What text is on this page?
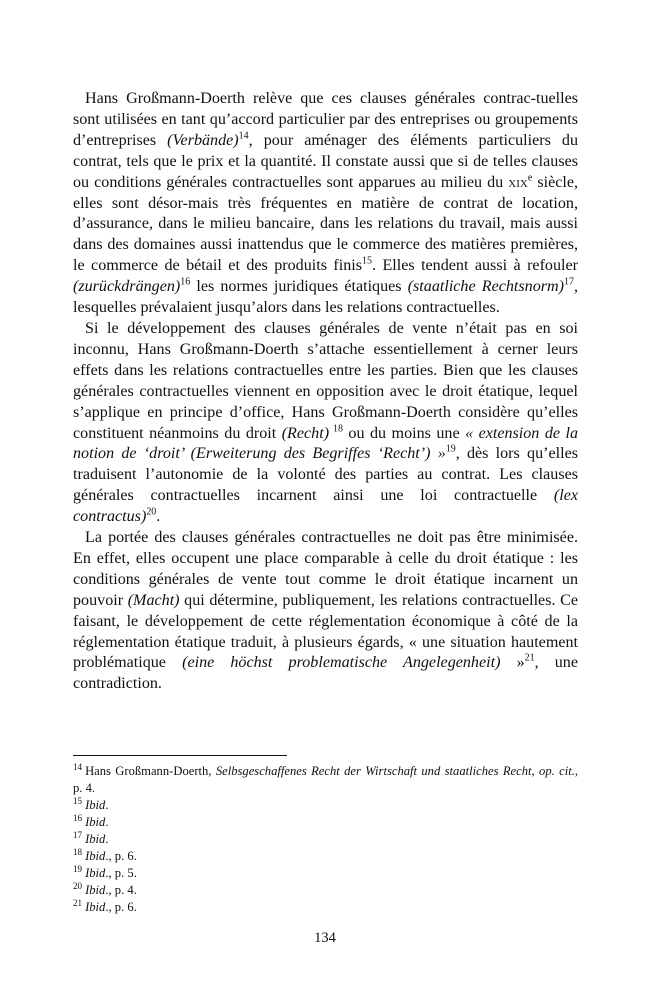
Hans Großmann-Doerth relève que ces clauses générales contrac-tuelles sont utilisées en tant qu’accord particulier par des entreprises ou groupements d’entreprises (Verbände)$^{14}$, pour aménager des éléments particuliers du contrat, tels que le prix et la quantité. Il constate aussi que si de telles clauses ou conditions générales contractuelles sont apparues au milieu du xix$^e$ siècle, elles sont désor-mais très fréquentes en matière de contrat de location, d’assurance, dans le milieu bancaire, dans les relations du travail, mais aussi dans des domaines aussi inattendus que le commerce des matières premières, le commerce de bétail et des produits finis$^{15}$. Elles tendent aussi à refouler (zurückdrängen)$^{16}$ les normes juridiques étatiques (staatliche Rechtsnorm)$^{17}$, lesquelles prévalaient jusqu’alors dans les relations contractuelles.

Si le développement des clauses générales de vente n’était pas en soi inconnu, Hans Großmann-Doerth s’attache essentiellement à cerner leurs effets dans les relations contractuelles entre les parties. Bien que les clauses générales contractuelles viennent en opposition avec le droit étatique, lequel s’applique en principe d’office, Hans Großmann-Doerth considère qu’elles constituent néanmoins du droit (Recht) $^{18}$ ou du moins une « extension de la notion de ‘droit’ (Erweiterung des Begriffes ‘Recht’) »$^{19}$, dès lors qu’elles traduisent l’autonomie de la volonté des parties au contrat. Les clauses générales contractuelles incarnent ainsi une loi contractuelle (lex contractus)$^{20}$.

La portée des clauses générales contractuelles ne doit pas être minimisée. En effet, elles occupent une place comparable à celle du droit étatique : les conditions générales de vente tout comme le droit étatique incarnent un pouvoir (Macht) qui détermine, publiquement, les relations contractuelles. Ce faisant, le développement de cette réglementation économique à côté de la réglementation étatique traduit, à plusieurs égards, « une situation hautement problématique (eine höchst problematische Angelegenheit) »$^{21}$, une contradiction.

$^{14}$ Hans Großmann-Doerth, Selbsgeschaffenes Recht der Wirtschaft und staatliches Recht, op. cit., p. 4.

$^{15}$ Ibid.

$^{16}$ Ibid.

$^{17}$ Ibid.

$^{18}$ Ibid., p. 6.

$^{19}$ Ibid., p. 5.

$^{20}$ Ibid., p. 4.

$^{21}$ Ibid., p. 6.

134
